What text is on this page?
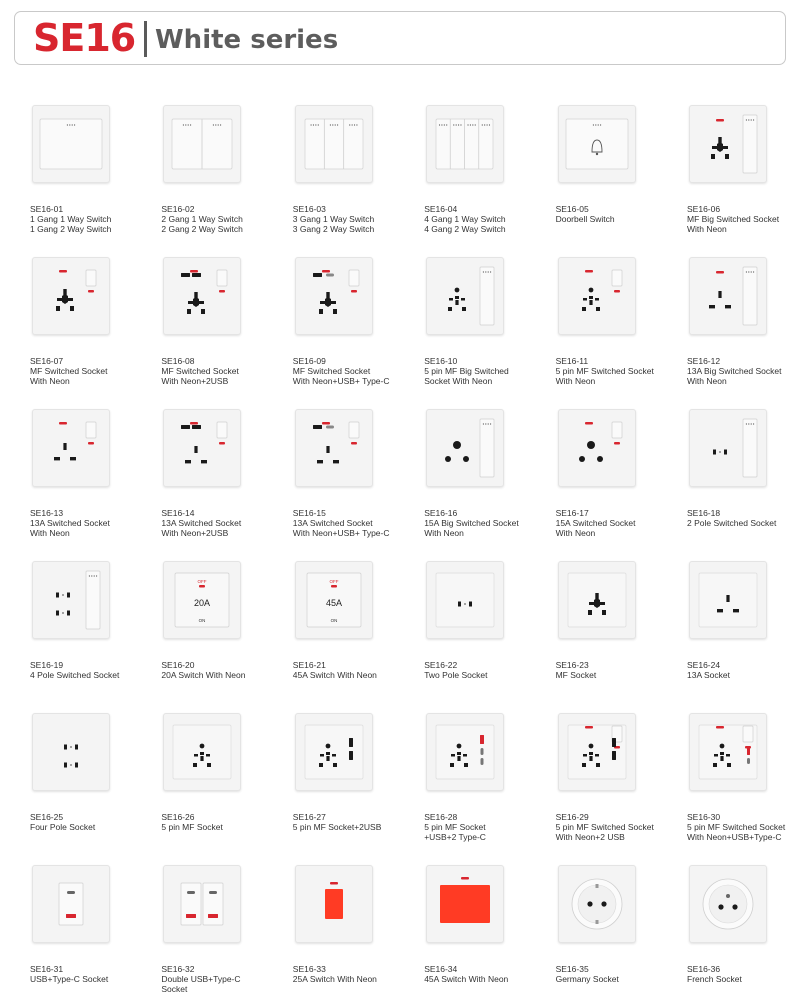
SE16 White series
SE16-01
1 Gang 1 Way Switch
1 Gang 2 Way Switch
SE16-02
2 Gang 1 Way Switch
2 Gang 2 Way Switch
SE16-03
3 Gang 1 Way Switch
3 Gang 2 Way Switch
SE16-04
4 Gang 1 Way Switch
4 Gang 2 Way Switch
SE16-05
Doorbell Switch
SE16-06
MF Big Switched Socket
With Neon
SE16-07
MF Switched Socket
With Neon
SE16-08
MF Switched Socket
With Neon+2USB
SE16-09
MF Switched Socket
With Neon+USB+ Type-C
SE16-10
5 pin MF Big Switched
Socket With Neon
SE16-11
5 pin MF Switched Socket
With Neon
SE16-12
13A Big Switched Socket
With Neon
SE16-13
13A Switched Socket
With Neon
SE16-14
13A Switched Socket
With Neon+2USB
SE16-15
13A Switched Socket
With Neon+USB+ Type-C
SE16-16
15A Big Switched Socket
With Neon
SE16-17
15A Switched Socket
With Neon
SE16-18
2 Pole Switched Socket
SE16-19
4 Pole Switched Socket
OFF
20A
ON
SE16-20
20A Switch With Neon
OFF
45A
ON
SE16-21
45A Switch With Neon
SE16-22
Two Pole Socket
SE16-23
MF Socket
SE16-24
13A Socket
SE16-25
Four Pole Socket
SE16-26
5 pin MF Socket
SE16-27
5 pin MF Socket+2USB
SE16-28
5 pin MF Socket
+USB+2 Type-C
SE16-29
5 pin MF Switched Socket
With Neon+2 USB
SE16-30
5 pin MF Switched Socket
With Neon+USB+Type-C
SE16-31
USB+Type-C Socket
SE16-32
Double USB+Type-C
Socket
SE16-33
25A Switch With Neon
SE16-34
45A Switch With Neon
SE16-35
Germany Socket
SE16-36
French Socket
